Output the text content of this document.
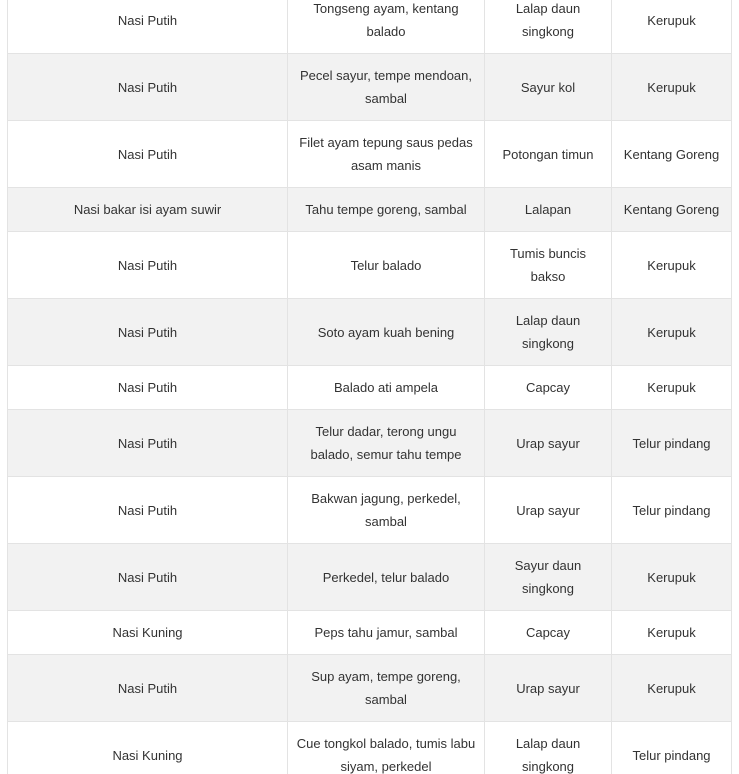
Nasi Putih	Tongseng ayam, kentang balado	Lalap daun singkong	Kerupuk

Nasi Putih	Pecel sayur, tempe mendoan, sambal	Sayur kol	Kerupuk

Nasi Putih	Filet ayam tepung saus pedas asam manis	Potongan timun	Kentang Goreng

Nasi bakar isi ayam suwir	Tahu tempe goreng, sambal	Lalapan	Kentang Goreng

Nasi Putih	Telur balado	Tumis buncis bakso	Kerupuk

Nasi Putih	Soto ayam kuah bening	Lalap daun singkong	Kerupuk

Nasi Putih	Balado ati ampela	Capcay	Kerupuk

Nasi Putih	Telur dadar, terong ungu balado, semur tahu tempe	Urap sayur	Telur pindang

Nasi Putih	Bakwan jagung, perkedel, sambal	Urap sayur	Telur pindang

Nasi Putih	Perkedel, telur balado	Sayur daun singkong	Kerupuk

Nasi Kuning	Peps tahu jamur, sambal	Capcay	Kerupuk

Nasi Putih	Sup ayam, tempe goreng, sambal	Urap sayur	Kerupuk

Nasi Kuning	Cue tongkol balado, tumis labu siyam, perkedel	Lalap daun singkong	Telur pindang
